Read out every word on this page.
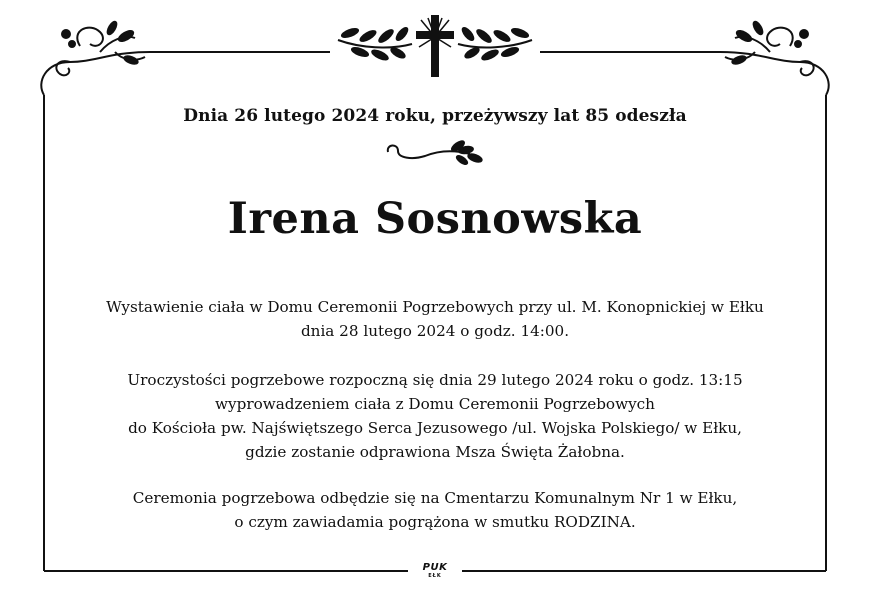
Dnia 26 lutego 2024 roku, przeżywszy lat 85 odeszła
Irena Sosnowska
Wystawienie ciała w Domu Ceremonii Pogrzebowych przy ul. M. Konopnickiej w Ełku
dnia 28 lutego 2024 o godz. 14:00.
Uroczystości pogrzebowe rozpoczną się dnia 29 lutego 2024 roku o godz. 13:15
wyprowadzeniem ciała z Domu Ceremonii Pogrzebowych
do Kościoła pw. Najświętszego Serca Jezusowego /ul. Wojska Polskiego/ w Ełku,
gdzie zostanie odprawiona Msza Święta Żałobna.
Ceremonia pogrzebowa odbędzie się na Cmentarzu Komunalnym Nr 1 w Ełku,
o czym zawiadamia pogrążona w smutku RODZINA.
PUK
EŁK
